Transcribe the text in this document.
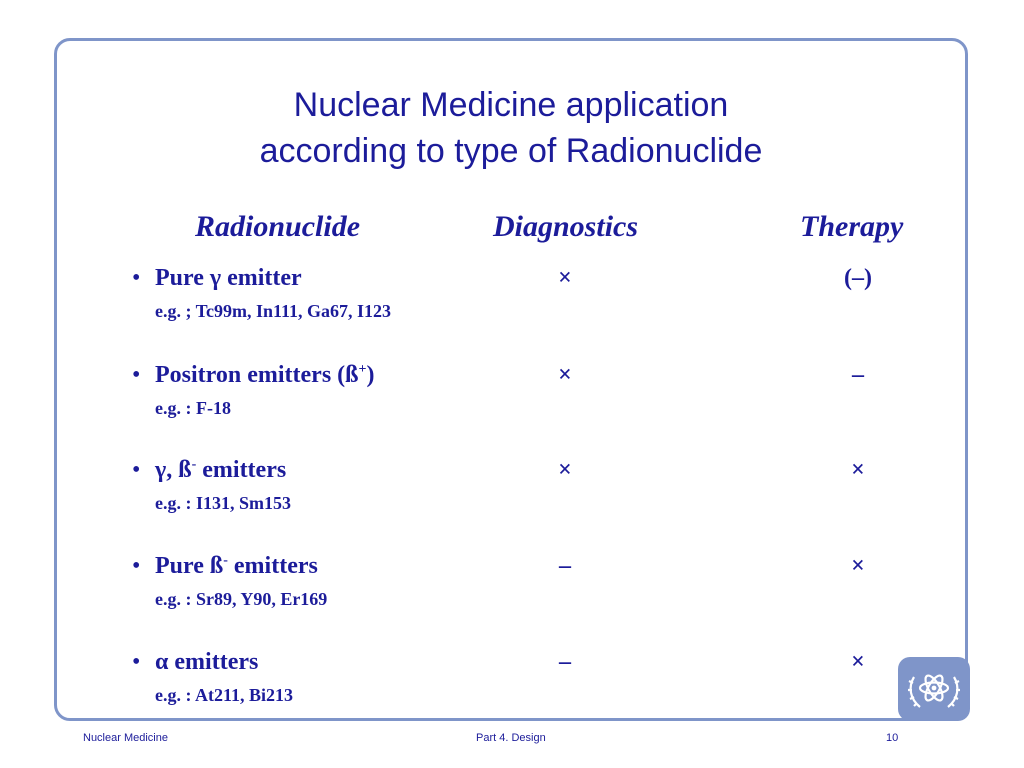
Nuclear Medicine application
according to type of Radionuclide
Radionuclide	Diagnostics	Therapy
• Pure γ emitter
e.g. ; Tc99m, In111, Ga67, I123
×	(–)
• Positron emitters (ß+)
e.g. : F-18
×	–
• γ, ß- emitters
e.g. : I131, Sm153
×	×
• Pure ß- emitters
e.g. : Sr89, Y90, Er169
–	×
• α emitters
e.g. : At211, Bi213
–	×
Nuclear Medicine	Part 4. Design	10
